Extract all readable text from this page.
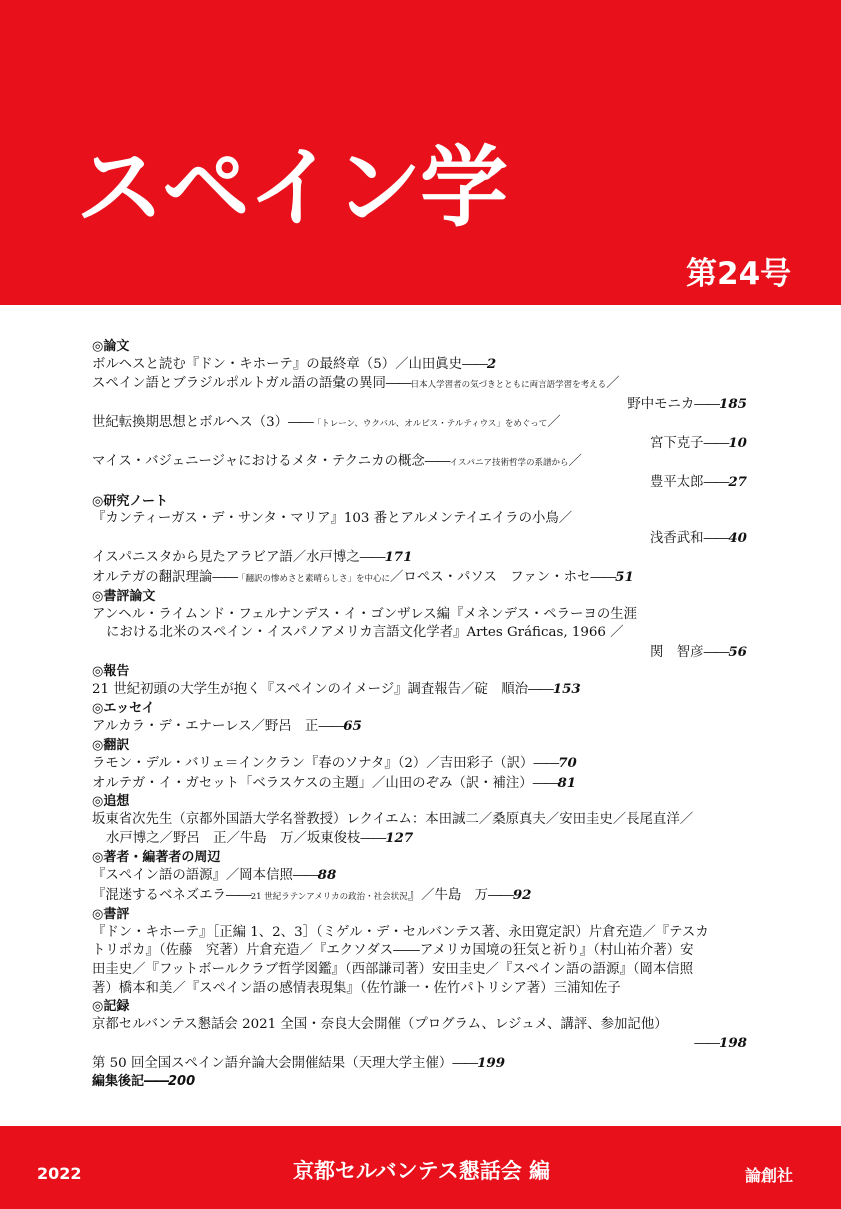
スペイン学
第24号
◎論文
ボルヘスと読む『ドン・キホーテ』の最終章（5）／山田眞史――2
スペイン語とブラジルポルトガル語の語彙の異同――日本人学習者の気づきとともに両言語学習を考える／
野中モニカ――185
世紀転換期思想とボルヘス（3）――「トレーン、ウクバル、オルビス・テルティウス」をめぐって／
宮下克子――10
マイス・バジェニージャにおけるメタ・テクニカの概念――イスパニア技術哲学の系譜から／
豊平太郎――27
◎研究ノート
『カンティーガス・デ・サンタ・マリア』103 番とアルメンテイエイラの小鳥／
浅香武和――40
イスパニスタから見たアラビア語／水戸博之――171
オルテガの翻訳理論――「翻訳の惨めさと素晴らしさ」を中心に／ロペス・パソス　ファン・ホセ――51
◎書評論文
アンヘル・ライムンド・フェルナンデス・イ・ゴンザレス編『メネンデス・ペラーヨの生涯
における北米のスペイン・イスパノアメリカ言語文化学者』Artes Gráficas, 1966 ／
関　智彦――56
◎報告
21 世紀初頭の大学生が抱く『スペインのイメージ』調査報告／碇　順治――153
◎エッセイ
アルカラ・デ・エナーレス／野呂　正――65
◎翻訳
ラモン・デル・バリェ＝インクラン『春のソナタ』（2）／吉田彩子（訳）――70
オルテガ・イ・ガセット「ベラスケスの主題」／山田のぞみ（訳・補注）――81
◎追想
坂東省次先生（京都外国語大学名誉教授）レクイエム：本田誠二／桑原真夫／安田圭史／長尾直洋／
水戸博之／野呂　正／牛島　万／坂東俊枝――127
◎著者・編著者の周辺
『スペイン語の語源』／岡本信照――88
『混迷するベネズエラ――21 世紀ラテンアメリカの政治・社会状況』／牛島　万――92
◎書評
『ドン・キホーテ』［正編 1、2、3］（ミゲル・デ・セルバンテス著、永田寛定訳）片倉充造／『テスカ
トリポカ』（佐藤　究著）片倉充造／『エクソダス――アメリカ国境の狂気と祈り』（村山祐介著）安
田圭史／『フットボールクラブ哲学図鑑』（西部謙司著）安田圭史／『スペイン語の語源』（岡本信照
著）橋本和美／『スペイン語の感情表現集』（佐竹謙一・佐竹パトリシア著）三浦知佐子
◎記録
京都セルバンテス懇話会 2021 全国・奈良大会開催（プログラム、レジュメ、講評、参加記他）
――198
第 50 回全国スペイン語弁論大会開催結果（天理大学主催）――199
編集後記――200
2022	京都セルバンテス懇話会 編	論創社
